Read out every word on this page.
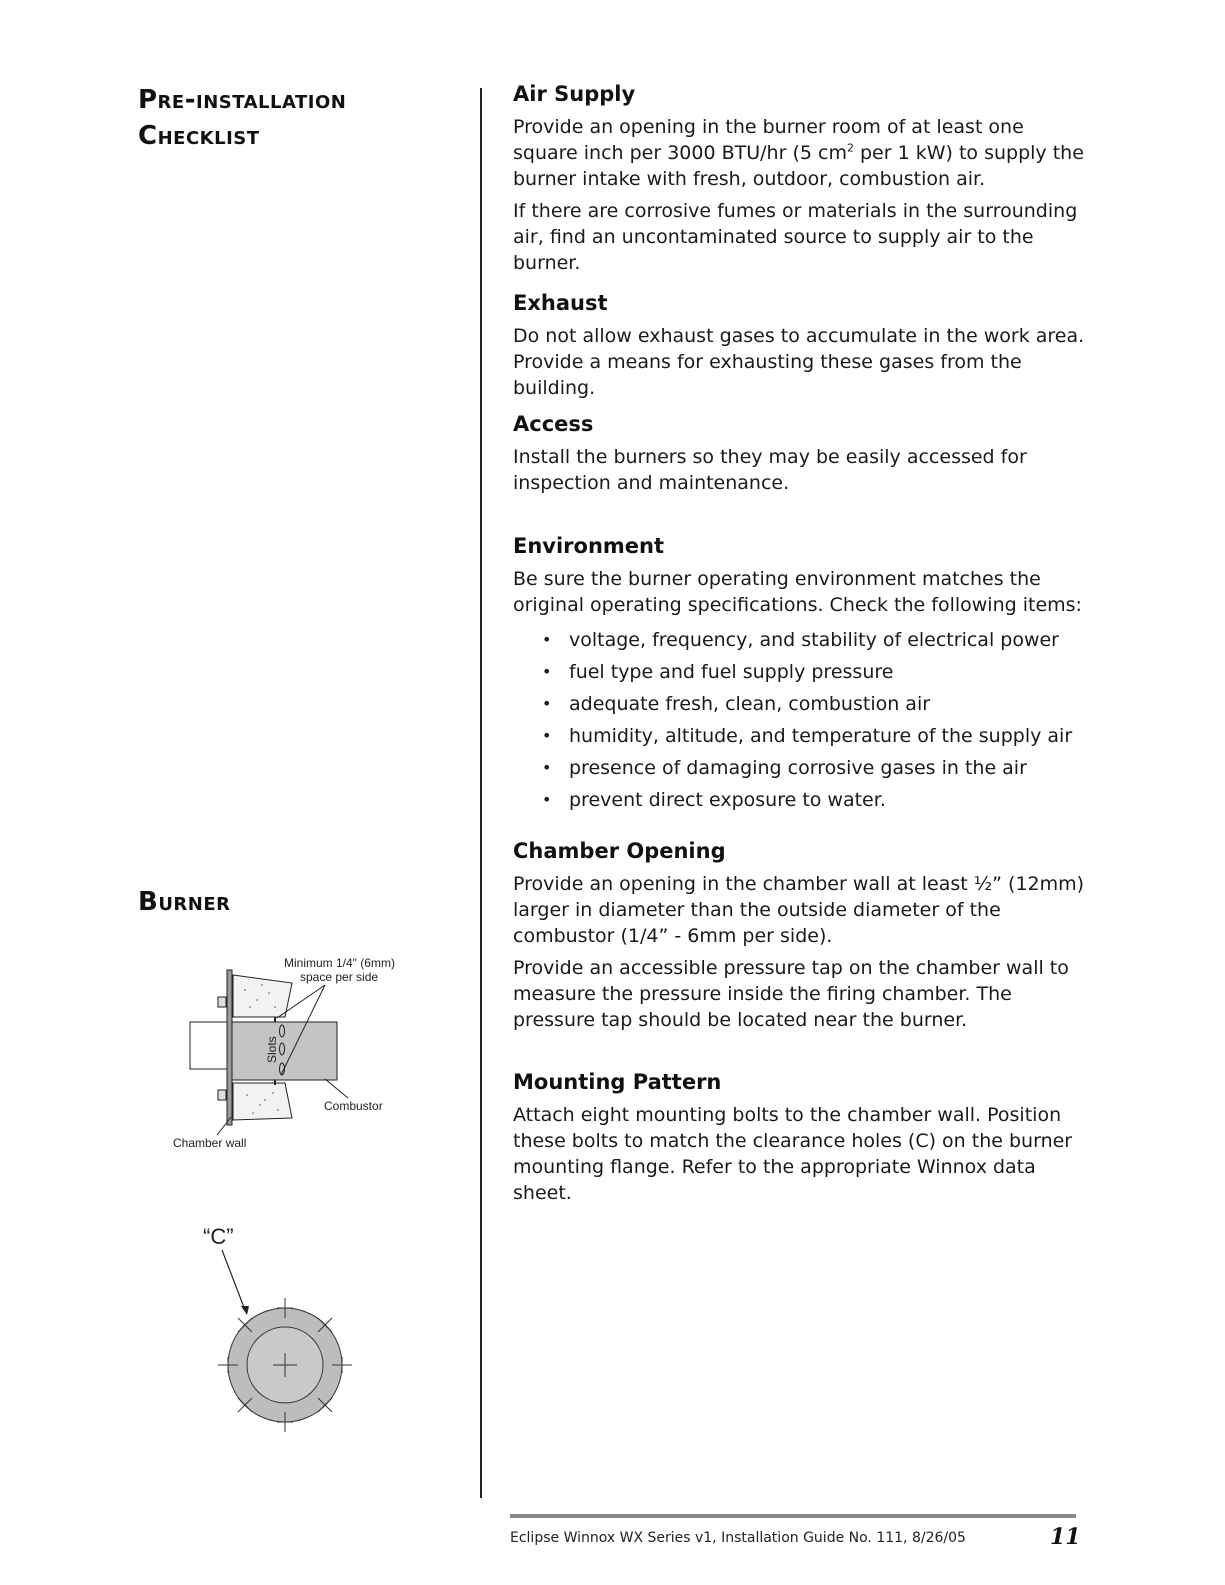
Pre-installation
Checklist
Burner
Slots
Minimum 1/4" (6mm)
space per side
Combustor
Chamber wall
“C”
Air Supply

Provide an opening in the burner room of at least one square inch per 3000 BTU/hr (5 $cm^2$ per 1 kW) to supply the burner intake with fresh, outdoor, combustion air.

If there are corrosive fumes or materials in the surrounding air, find an uncontaminated source to supply air to the burner.

Exhaust

Do not allow exhaust gases to accumulate in the work area. Provide a means for exhausting these gases from the building.

Access

Install the burners so they may be easily accessed for inspection and maintenance.

Environment

Be sure the burner operating environment matches the original operating specifications. Check the following items:

• voltage, frequency, and stability of electrical power
• fuel type and fuel supply pressure
• adequate fresh, clean, combustion air
• humidity, altitude, and temperature of the supply air
• presence of damaging corrosive gases in the air
• prevent direct exposure to water.
Chamber Opening

Provide an opening in the chamber wall at least ½” (12mm) larger in diameter than the outside diameter of the combustor (1/4” - 6mm per side).

Provide an accessible pressure tap on the chamber wall to measure the pressure inside the firing chamber. The pressure tap should be located near the burner.

Mounting Pattern

Attach eight mounting bolts to the chamber wall. Position these bolts to match the clearance holes (C) on the burner mounting flange. Refer to the appropriate Winnox data sheet.

Eclipse Winnox WX Series v1, Installation Guide No. 111, 8/26/05	11
